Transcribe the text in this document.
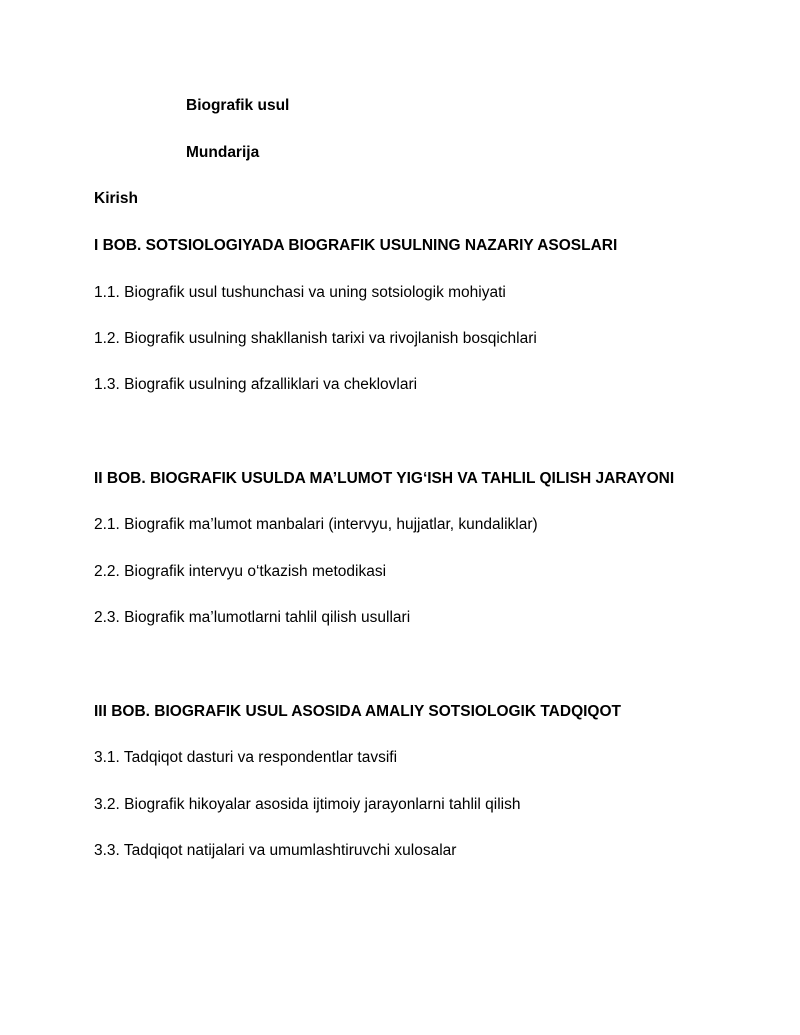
Biografik usul
Mundarija
Kirish
I BOB. SOTSIOLOGIYADA BIOGRAFIK USULNING NAZARIY ASOSLARI
1.1. Biografik usul tushunchasi va uning sotsiologik mohiyati
1.2. Biografik usulning shakllanish tarixi va rivojlanish bosqichlari
1.3. Biografik usulning afzalliklari va cheklovlari
II BOB. BIOGRAFIK USULDA MA’LUMOT YIG‘ISH VA TAHLIL QILISH JARAYONI
2.1. Biografik ma’lumot manbalari (intervyu, hujjatlar, kundaliklar)
2.2. Biografik intervyu o‘tkazish metodikasi
2.3. Biografik ma’lumotlarni tahlil qilish usullari
III BOB. BIOGRAFIK USUL ASOSIDA AMALIY SOTSIOLOGIK TADQIQOT
3.1. Tadqiqot dasturi va respondentlar tavsifi
3.2. Biografik hikoyalar asosida ijtimoiy jarayonlarni tahlil qilish
3.3. Tadqiqot natijalari va umumlashtiruvchi xulosalar
